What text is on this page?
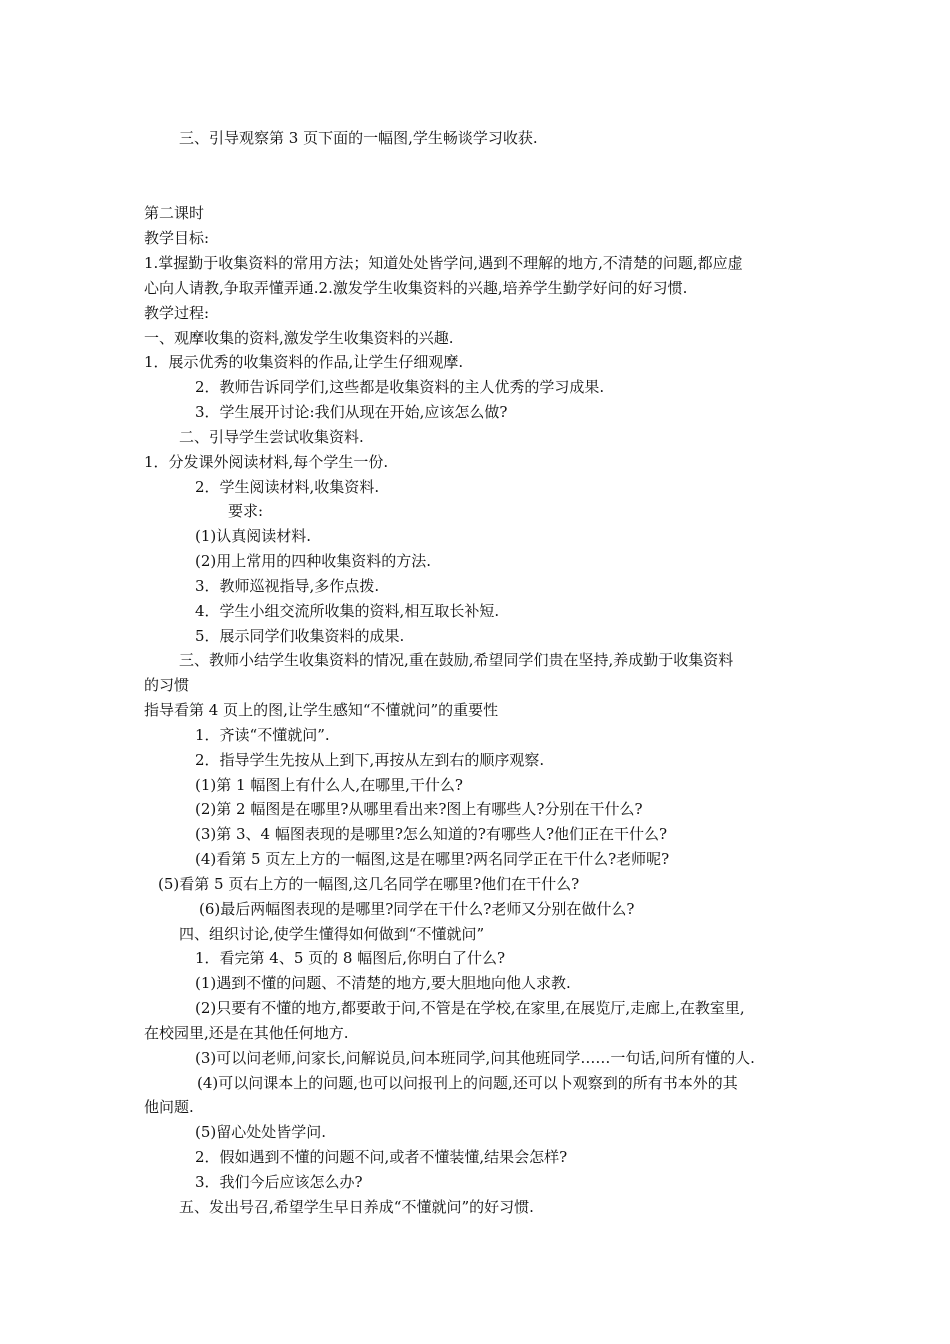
三、引导观察第 3 页下面的一幅图,学生畅谈学习收获.

第二课时

教学目标:

1.掌握勤于收集资料的常用方法；知道处处皆学问,遇到不理解的地方,不清楚的问题,都应虚

心向人请教,争取弄懂弄通.2.激发学生收集资料的兴趣,培养学生勤学好问的好习惯.

教学过程:

一、观摩收集的资料,激发学生收集资料的兴趣.

1．展示优秀的收集资料的作品,让学生仔细观摩.

2．教师告诉同学们,这些都是收集资料的主人优秀的学习成果.

3．学生展开讨论:我们从现在开始,应该怎么做?

二、引导学生尝试收集资料.

1．分发课外阅读材料,每个学生一份.

2．学生阅读材料,收集资料.

要求:

(1)认真阅读材料.

(2)用上常用的四种收集资料的方法.

3．教师巡视指导,多作点拨.

4．学生小组交流所收集的资料,相互取长补短.

5．展示同学们收集资料的成果.

三、教师小结学生收集资料的情况,重在鼓励,希望同学们贵在坚持,养成勤于收集资料

的习惯

指导看第 4 页上的图,让学生感知“不懂就问”的重要性

1．齐读“不懂就问”.

2．指导学生先按从上到下,再按从左到右的顺序观察.

(1)第 1 幅图上有什么人,在哪里,干什么?

(2)第 2 幅图是在哪里?从哪里看出来?图上有哪些人?分别在干什么?

(3)第 3、4 幅图表现的是哪里?怎么知道的?有哪些人?他们正在干什么?

(4)看第 5 页左上方的一幅图,这是在哪里?两名同学正在干什么?老师呢?

(5)看第 5 页右上方的一幅图,这几名同学在哪里?他们在干什么?

(6)最后两幅图表现的是哪里?同学在干什么?老师又分别在做什么?

四、组织讨论,使学生懂得如何做到“不懂就问”

1．看完第 4、5 页的 8 幅图后,你明白了什么?

(1)遇到不懂的问题、不清楚的地方,要大胆地向他人求教.

(2)只要有不懂的地方,都要敢于问,不管是在学校,在家里,在展览厅,走廊上,在教室里,

在校园里,还是在其他任何地方.

(3)可以问老师,问家长,问解说员,问本班同学,问其他班同学……一句话,问所有懂的人.

(4)可以问课本上的问题,也可以问报刊上的问题,还可以卜观察到的所有书本外的其

他问题.

(5)留心处处皆学问.

2．假如遇到不懂的问题不问,或者不懂装懂,结果会怎样?

3．我们今后应该怎么办?

五、发出号召,希望学生早日养成“不懂就问”的好习惯.
